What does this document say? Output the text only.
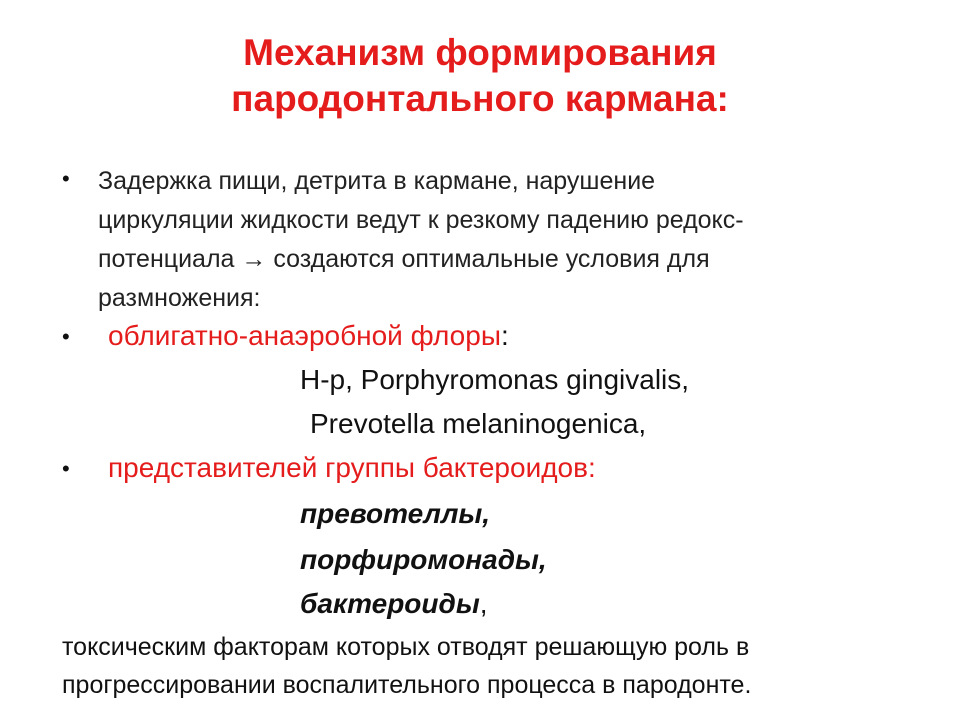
Механизм формирования
пародонтального кармана:
• Задержка пищи, детрита в кармане, нарушение
циркуляции жидкости ведут к резкому падению редокс-
потенциала → создаются оптимальные условия для
размножения:
• облигатно-анаэробной флоры:
H-p, Porphyromonas gingivalis,
Prevotella melaninogenica,
• представителей группы бактероидов:
превотеллы,
порфиромонады,
бактероиды,
токсическим факторам которых отводят решающую роль в
прогрессировании воспалительного процесса в пародонте.
